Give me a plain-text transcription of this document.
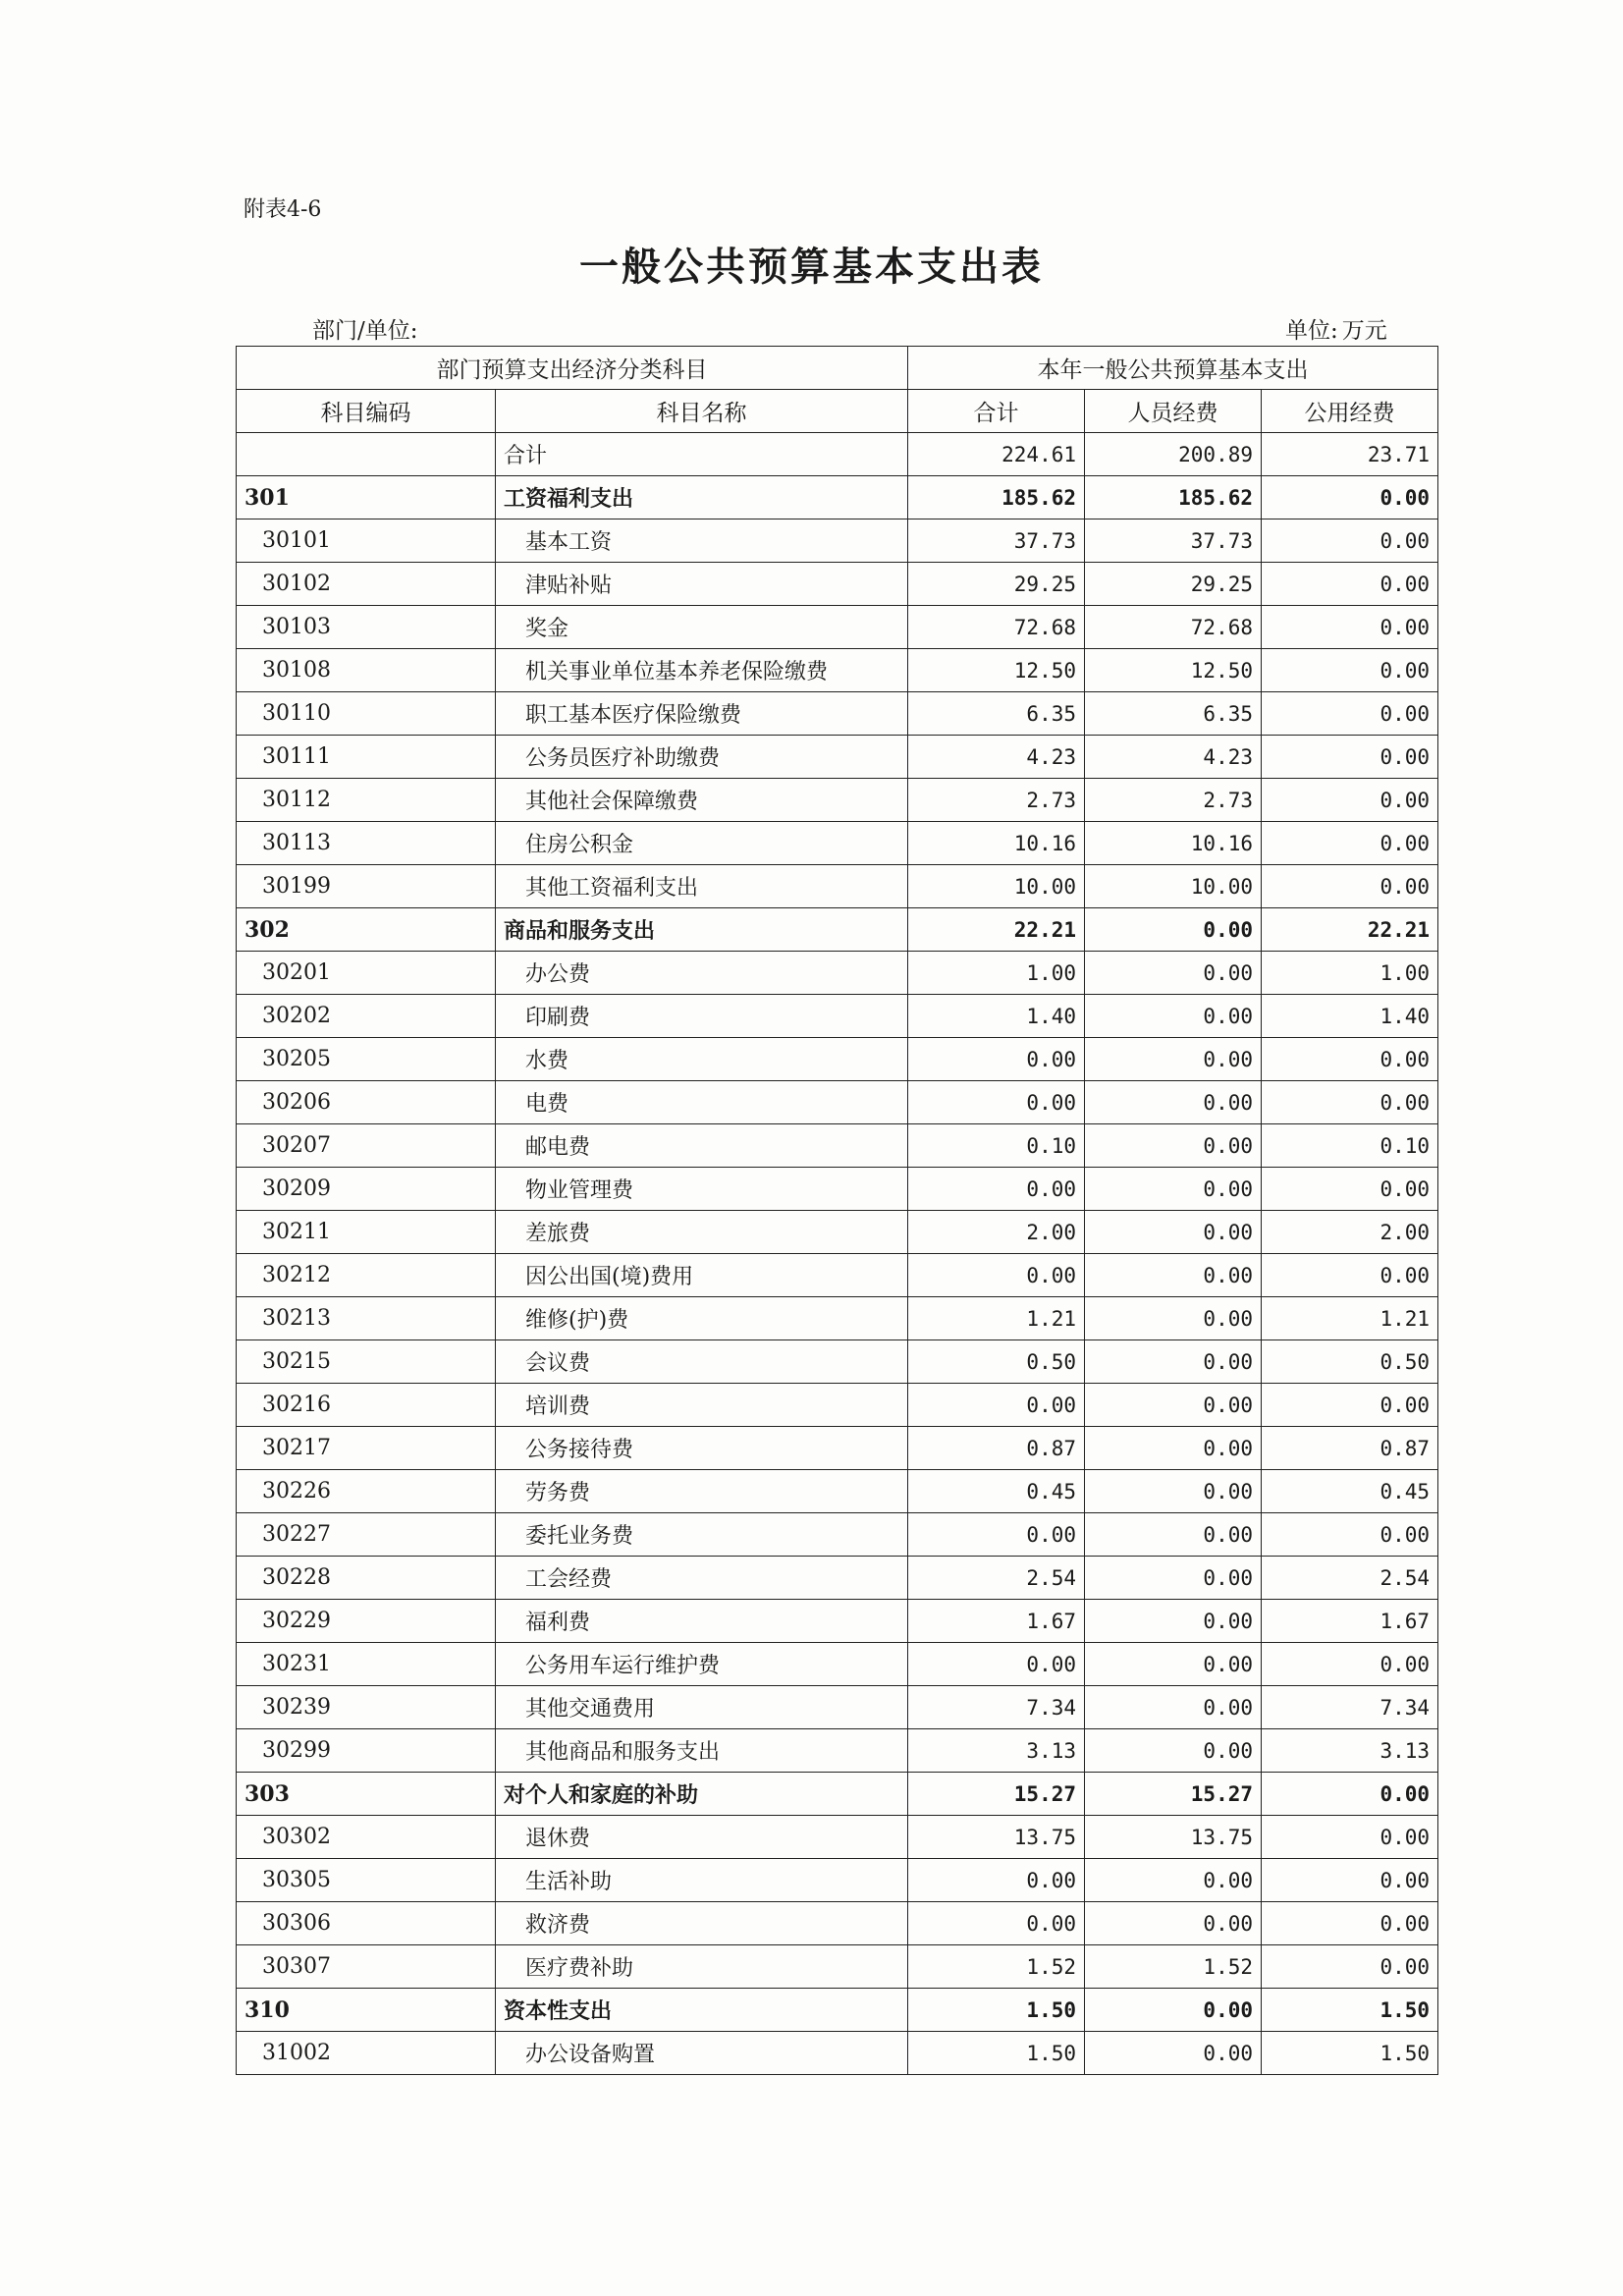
附表4-6
一般公共预算基本支出表
部门/单位:	单位: 万元
部门预算支出经济分类科目		本年一般公共预算基本支出		
科目编码	科目名称	合计	人员经费	公用经费
	合计	224.61	200.89	23.71
301	工资福利支出	185.62	185.62	0.00
30101	基本工资	37.73	37.73	0.00
30102	津贴补贴	29.25	29.25	0.00
30103	奖金	72.68	72.68	0.00
30108	机关事业单位基本养老保险缴费	12.50	12.50	0.00
30110	职工基本医疗保险缴费	6.35	6.35	0.00
30111	公务员医疗补助缴费	4.23	4.23	0.00
30112	其他社会保障缴费	2.73	2.73	0.00
30113	住房公积金	10.16	10.16	0.00
30199	其他工资福利支出	10.00	10.00	0.00
302	商品和服务支出	22.21	0.00	22.21
30201	办公费	1.00	0.00	1.00
30202	印刷费	1.40	0.00	1.40
30205	水费	0.00	0.00	0.00
30206	电费	0.00	0.00	0.00
30207	邮电费	0.10	0.00	0.10
30209	物业管理费	0.00	0.00	0.00
30211	差旅费	2.00	0.00	2.00
30212	因公出国(境)费用	0.00	0.00	0.00
30213	维修(护)费	1.21	0.00	1.21
30215	会议费	0.50	0.00	0.50
30216	培训费	0.00	0.00	0.00
30217	公务接待费	0.87	0.00	0.87
30226	劳务费	0.45	0.00	0.45
30227	委托业务费	0.00	0.00	0.00
30228	工会经费	2.54	0.00	2.54
30229	福利费	1.67	0.00	1.67
30231	公务用车运行维护费	0.00	0.00	0.00
30239	其他交通费用	7.34	0.00	7.34
30299	其他商品和服务支出	3.13	0.00	3.13
303	对个人和家庭的补助	15.27	15.27	0.00
30302	退休费	13.75	13.75	0.00
30305	生活补助	0.00	0.00	0.00
30306	救济费	0.00	0.00	0.00
30307	医疗费补助	1.52	1.52	0.00
310	资本性支出	1.50	0.00	1.50
31002	办公设备购置	1.50	0.00	1.50
